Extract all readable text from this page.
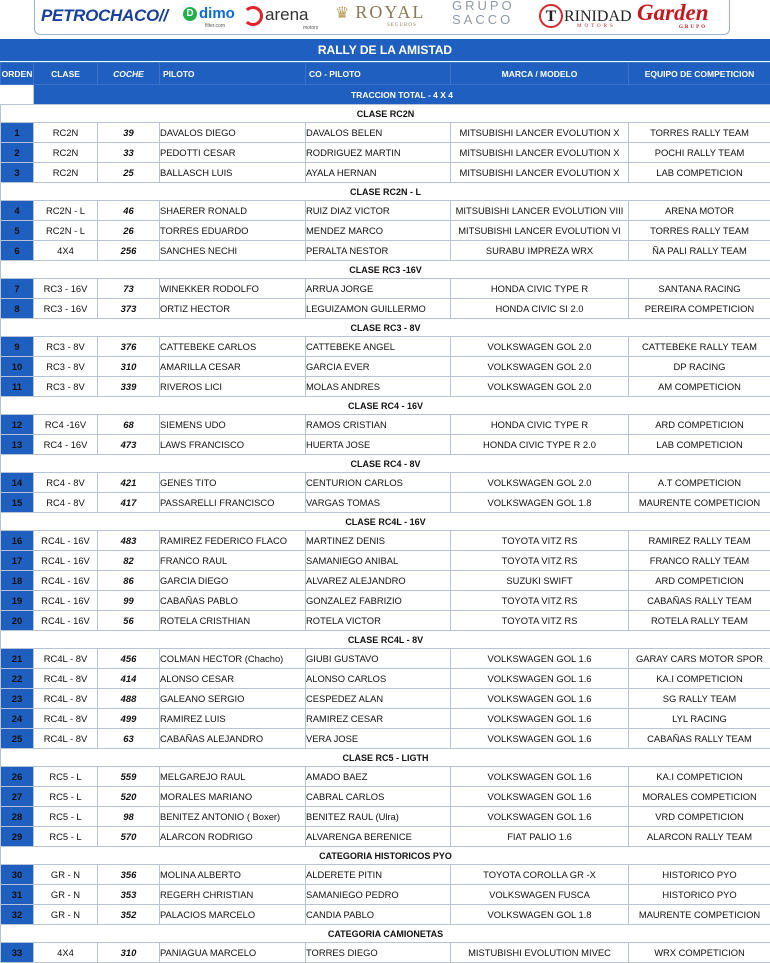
PETROCHACO//	D dimo
filter.com
arena
motors
♛ ROYAL
SEGUROS
GRUPO
SACCO	T RINIDAD
MOTORS
Garden
GRUPO
RALLY DE LA AMISTAD
ORDEN	CLASE	COCHE	PILOTO	CO - PILOTO	MARCA / MODELO	EQUIPO DE COMPETICION
	TRACCION TOTAL - 4 X 4					
CLASE RC2N						
1	RC2N	39	DAVALOS DIEGO	DAVALOS BELEN	MITSUBISHI LANCER EVOLUTION X	TORRES RALLY TEAM
2	RC2N	33	PEDOTTI CESAR	RODRIGUEZ MARTIN	MITSUBISHI LANCER EVOLUTION X	POCHI RALLY TEAM
3	RC2N	25	BALLASCH LUIS	AYALA HERNAN	MITSUBISHI LANCER EVOLUTION X	LAB COMPETICION
CLASE RC2N - L						
4	RC2N - L	46	SHAERER RONALD	RUIZ DIAZ VICTOR	MITSUBISHI LANCER EVOLUTION VIII	ARENA MOTOR
5	RC2N - L	26	TORRES EDUARDO	MENDEZ MARCO	MITSUBISHI LANCER EVOLUTION VI	TORRES RALLY TEAM
6	4X4	256	SANCHES NECHI	PERALTA NESTOR	SURABU IMPREZA WRX	ÑA PALI RALLY TEAM
CLASE RC3 -16V						
7	RC3 - 16V	73	WINEKKER RODOLFO	ARRUA JORGE	HONDA CIVIC TYPE R	SANTANA RACING
8	RC3 - 16V	373	ORTIZ HECTOR	LEGUIZAMON GUILLERMO	HONDA CIVIC SI 2.0	PEREIRA COMPETICION
CLASE RC3 - 8V						
9	RC3 - 8V	376	CATTEBEKE CARLOS	CATTEBEKE ANGEL	VOLKSWAGEN GOL 2.0	CATTEBEKE RALLY TEAM
10	RC3 - 8V	310	AMARILLA CESAR	GARCIA EVER	VOLKSWAGEN GOL 2.0	DP RACING
11	RC3 - 8V	339	RIVEROS LICI	MOLAS ANDRES	VOLKSWAGEN GOL 2.0	AM COMPETICION
CLASE RC4 - 16V						
12	RC4 -16V	68	SIEMENS UDO	RAMOS CRISTIAN	HONDA CIVIC TYPE R	ARD COMPETICION
13	RC4 - 16V	473	LAWS FRANCISCO	HUERTA JOSE	HONDA CIVIC TYPE R 2.0	LAB COMPETICION
CLASE RC4 - 8V						
14	RC4 - 8V	421	GENES TITO	CENTURION CARLOS	VOLKSWAGEN GOL 2.0	A.T COMPETICION
15	RC4 - 8V	417	PASSARELLI FRANCISCO	VARGAS TOMAS	VOLKSWAGEN GOL 1.8	MAURENTE COMPETICION
CLASE RC4L - 16V						
16	RC4L - 16V	483	RAMIREZ FEDERICO FLACO	MARTINEZ DENIS	TOYOTA VITZ RS	RAMIREZ RALLY TEAM
17	RC4L - 16V	82	FRANCO RAUL	SAMANIEGO ANIBAL	TOYOTA VITZ RS	FRANCO RALLY TEAM
18	RC4L - 16V	86	GARCIA DIEGO	ALVAREZ ALEJANDRO	SUZUKI SWIFT	ARD COMPETICION
19	RC4L - 16V	99	CABAÑAS PABLO	GONZALEZ FABRIZIO	TOYOTA VITZ RS	CABAÑAS RALLY TEAM
20	RC4L - 16V	56	ROTELA CRISTHIAN	ROTELA VICTOR	TOYOTA VITZ RS	ROTELA RALLY TEAM
CLASE RC4L - 8V						
21	RC4L - 8V	456	COLMAN HECTOR (Chacho)	GIUBI GUSTAVO	VOLKSWAGEN GOL 1.6	GARAY CARS MOTOR SPOR
22	RC4L - 8V	414	ALONSO CESAR	ALONSO CARLOS	VOLKSWAGEN GOL 1.6	KA.I COMPETICION
23	RC4L - 8V	488	GALEANO SERGIO	CESPEDEZ ALAN	VOLKSWAGEN GOL 1.6	SG RALLY TEAM
24	RC4L - 8V	499	RAMIREZ LUIS	RAMIREZ CESAR	VOLKSWAGEN GOL 1.6	LYL RACING
25	RC4L - 8V	63	CABAÑAS ALEJANDRO	VERA JOSE	VOLKSWAGEN GOL 1.6	CABAÑAS RALLY TEAM
CLASE RC5 - LIGTH						
26	RC5 - L	559	MELGAREJO RAUL	AMADO BAEZ	VOLKSWAGEN GOL 1.6	KA.I COMPETICION
27	RC5 - L	520	MORALES MARIANO	CABRAL CARLOS	VOLKSWAGEN GOL 1.6	MORALES COMPETICION
28	RC5 - L	98	BENITEZ ANTONIO ( Boxer)	BENITEZ RAUL (Ulra)	VOLKSWAGEN GOL 1.6	VRD COMPETICION
29	RC5 - L	570	ALARCON RODRIGO	ALVARENGA BERENICE	FIAT PALIO 1.6	ALARCON RALLY TEAM
CATEGORIA HISTORICOS PYO						
30	GR - N	356	MOLINA ALBERTO	ALDERETE PITIN	TOYOTA COROLLA GR -X	HISTORICO PYO
31	GR - N	353	REGERH CHRISTIAN	SAMANIEGO PEDRO	VOLKSWAGEN FUSCA	HISTORICO PYO
32	GR - N	352	PALACIOS MARCELO	CANDIA PABLO	VOLKSWAGEN GOL 1.8	MAURENTE COMPETICION
CATEGORIA CAMIONETAS						
33	4X4	310	PANIAGUA MARCELO	TORRES DIEGO	MISTUBISHI EVOLUTION MIVEC	WRX COMPETICION
